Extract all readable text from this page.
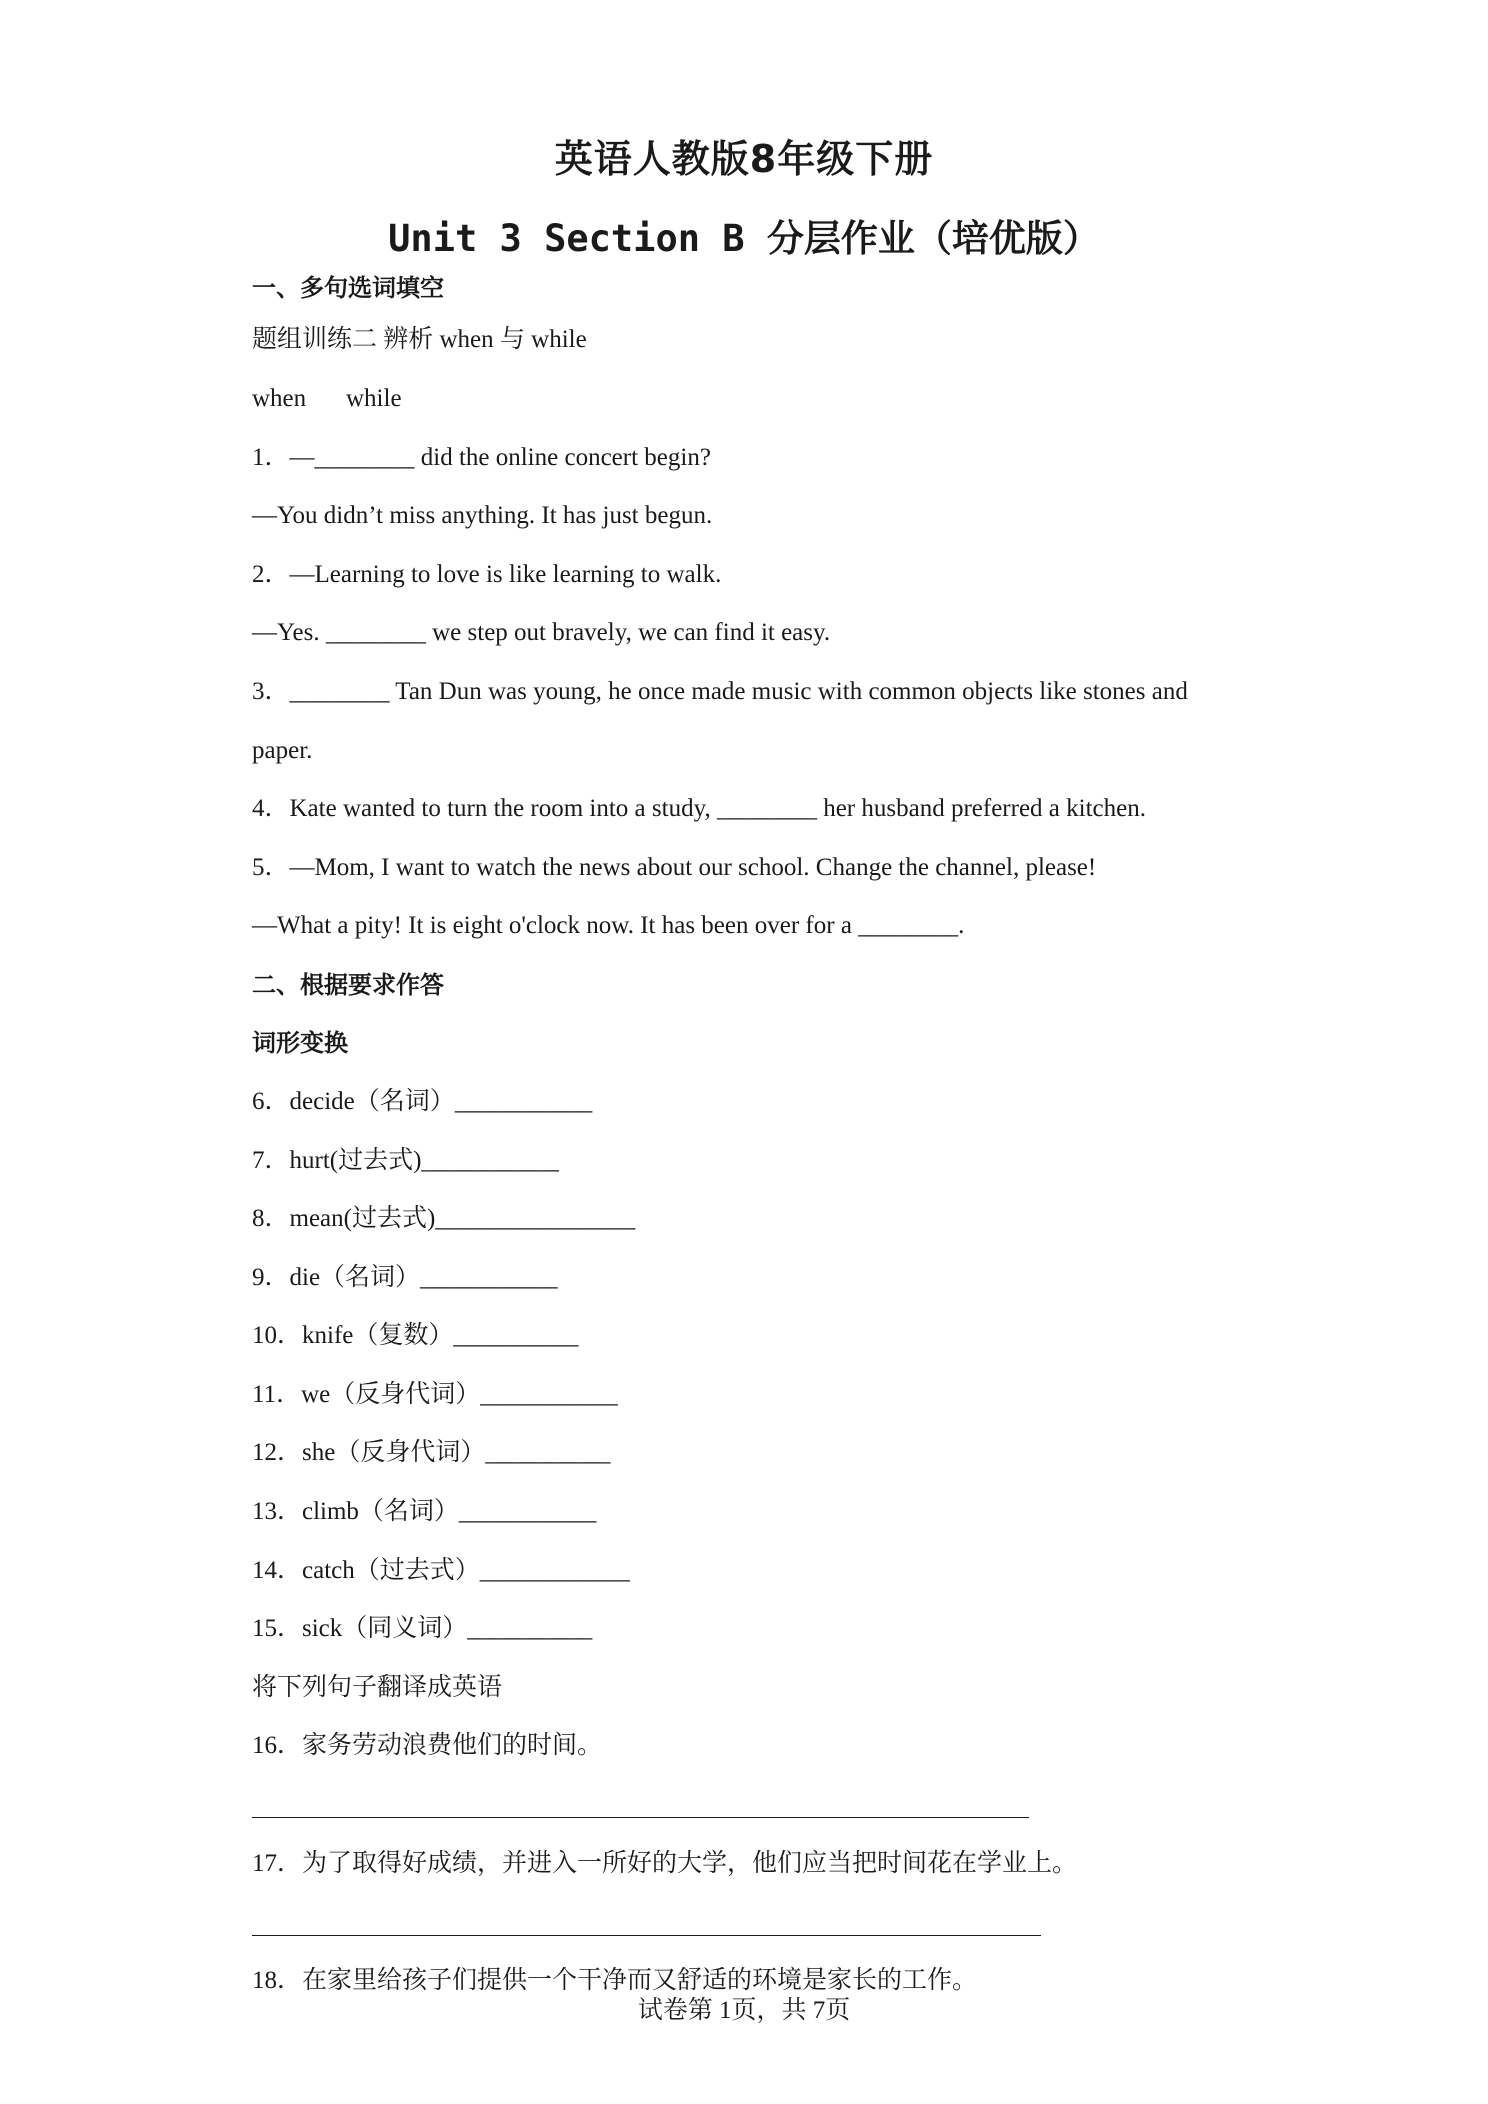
英语人教版8年级下册
Unit 3 Section B 分层作业（培优版）
一、多句选词填空
题组训练二 辨析 when 与 while
when while
1．—________ did the online concert begin?
—You didn’t miss anything. It has just begun.
2．—Learning to love is like learning to walk.
—Yes. ________ we step out bravely, we can find it easy.
3．________ Tan Dun was young, he once made music with common objects like stones and
paper.
4．Kate wanted to turn the room into a study, ________ her husband preferred a kitchen.
5．—Mom, I want to watch the news about our school. Change the channel, please!
—What a pity! It is eight o'clock now. It has been over for a ________.
二、根据要求作答
词形变换
6．decide（名词）___________
7．hurt(过去式)___________
8．mean(过去式)________________
9．die（名词）___________
10．knife（复数）__________
11．we（反身代词）___________
12．she（反身代词）__________
13．climb（名词）___________
14．catch（过去式）____________
15．sick（同义词）__________
将下列句子翻译成英语
16．家务劳动浪费他们的时间。
17．为了取得好成绩，并进入一所好的大学，他们应当把时间花在学业上。
18．在家里给孩子们提供一个干净而又舒适的环境是家长的工作。
试卷第 1页，共 7页
